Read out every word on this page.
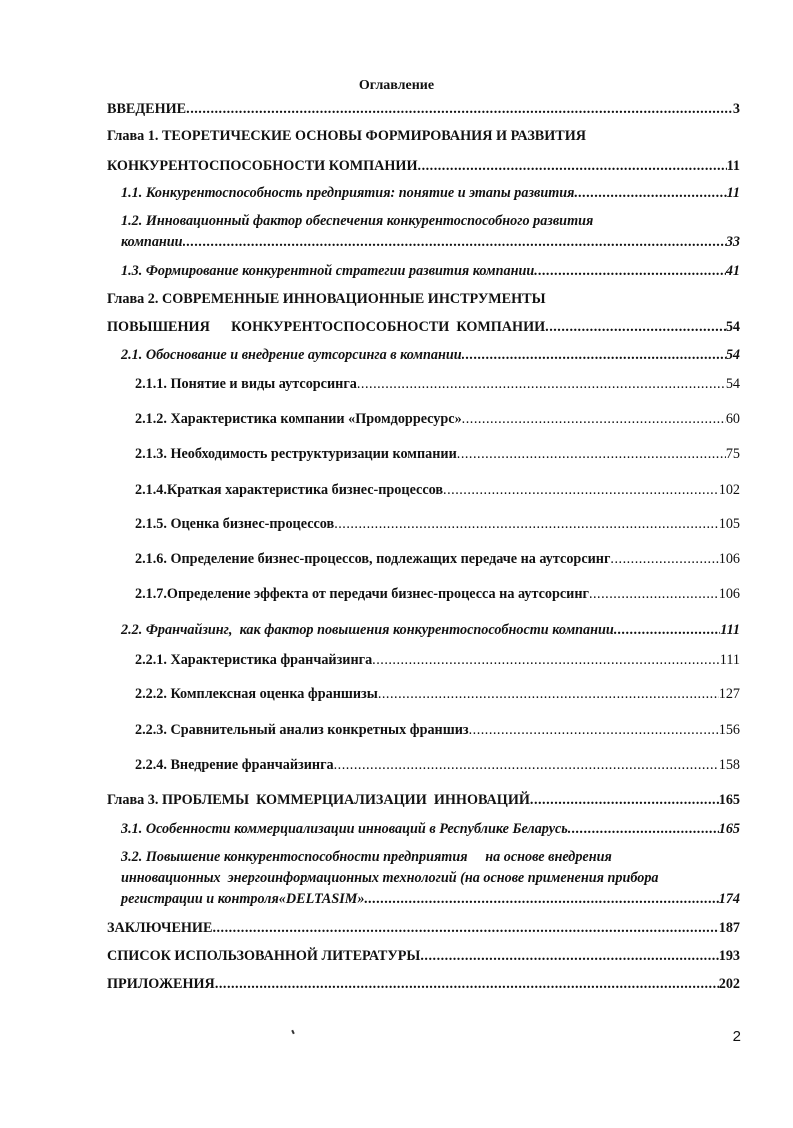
Оглавление
ВВЕДЕНИЕ .....	3
Глава 1. ТЕОРЕТИЧЕСКИЕ ОСНОВЫ ФОРМИРОВАНИЯ И РАЗВИТИЯ
КОНКУРЕНТОСПОСОБНОСТИ КОМПАНИИ .....	11
1.1. Конкурентоспособность предприятия: понятие и этапы развития .....	11
1.2. Инновационный фактор обеспечения конкурентоспособного развития
компании .....	33
1.3. Формирование конкурентной стратегии развития компании .....	41
Глава 2. СОВРЕМЕННЫЕ ИННОВАЦИОННЫЕ ИНСТРУМЕНТЫ
ПОВЫШЕНИЯ      КОНКУРЕНТОСПОСОБНОСТИ  КОМПАНИИ .....	54
2.1. Обоснование и внедрение аутсорсинга в компании .....	54
2.1.1. Понятие и виды аутсорсинга .....	54
2.1.2. Характеристика компании «Промдорресурс» .....	60
2.1.3. Необходимость реструктуризации компании .....	75
2.1.4.Краткая характеристика бизнес-процессов .....	102
2.1.5. Оценка бизнес-процессов .....	105
2.1.6. Определение бизнес-процессов, подлежащих передаче на аутсорсинг .....	106
2.1.7.Определение эффекта от передачи бизнес-процесса на аутсорсинг .....	106
2.2. Франчайзинг,  как фактор повышения конкурентоспособности компании .....	111
2.2.1. Характеристика франчайзинга .....	111
2.2.2. Комплексная оценка франшизы .....	127
2.2.3. Сравнительный анализ конкретных франшиз .....	156
2.2.4. Внедрение франчайзинга .....	158
Глава 3. ПРОБЛЕМЫ  КОММЕРЦИАЛИЗАЦИИ  ИННОВАЦИЙ .....	165
3.1. Особенности коммерциализации инноваций в Республике Беларусь .....	165
3.2. Повышение конкурентоспособности предприятия     на основе внедрения
инновационных  энергоинформационных технологий (на основе применения прибора
регистрации и контроля«DELTASIM» .....	174
ЗАКЛЮЧЕНИЕ .....	187
СПИСОК ИСПОЛЬЗОВАННОЙ ЛИТЕРАТУРЫ .....	193
ПРИЛОЖЕНИЯ .....	202
2
